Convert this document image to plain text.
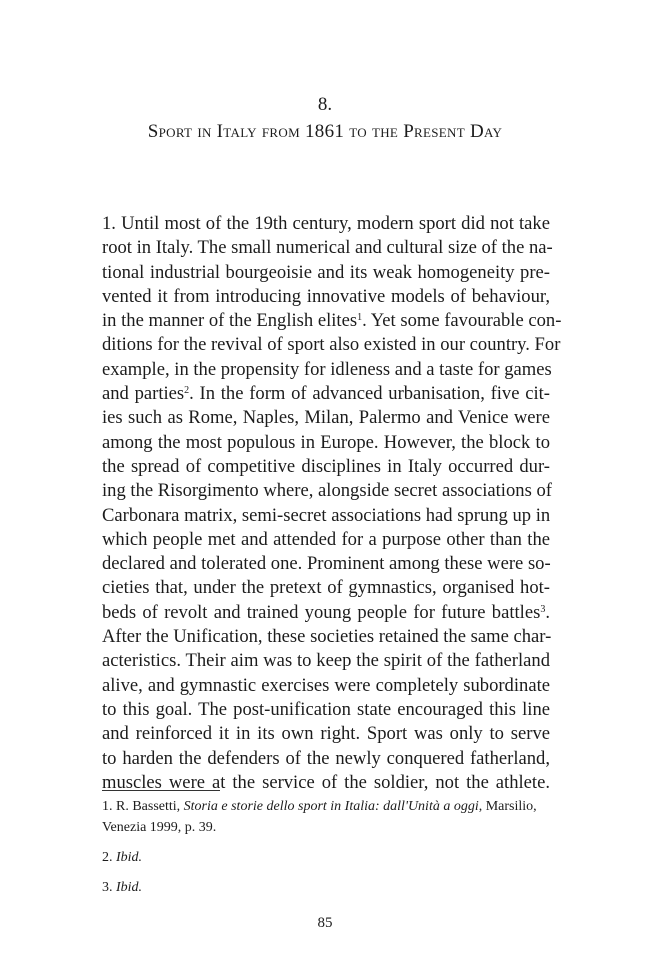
8.
Sport in Italy from 1861 to the Present Day
1. Until most of the 19th century, modern sport did not take
root in Italy. The small numerical and cultural size of the na-
tional industrial bourgeoisie and its weak homogeneity pre-
vented it from introducing innovative models of behaviour,
in the manner of the English elites$^1$. Yet some favourable con-
ditions for the revival of sport also existed in our country. For
example, in the propensity for idleness and a taste for games
and parties$^2$. In the form of advanced urbanisation, five cit-
ies such as Rome, Naples, Milan, Palermo and Venice were
among the most populous in Europe. However, the block to
the spread of competitive disciplines in Italy occurred dur-
ing the Risorgimento where, alongside secret associations of
Carbonara matrix, semi-secret associations had sprung up in
which people met and attended for a purpose other than the
declared and tolerated one. Prominent among these were so-
cieties that, under the pretext of gymnastics, organised hot-
beds of revolt and trained young people for future battles$^3$.
After the Unification, these societies retained the same char-
acteristics. Their aim was to keep the spirit of the fatherland
alive, and gymnastic exercises were completely subordinate
to this goal. The post-unification state encouraged this line
and reinforced it in its own right. Sport was only to serve
to harden the defenders of the newly conquered fatherland,
muscles were at the service of the soldier, not the athlete.
1. R. Bassetti, Storia e storie dello sport in Italia: dall'Unità a oggi, Marsilio,
Venezia 1999, p. 39.
2. Ibid.
3. Ibid.
85
